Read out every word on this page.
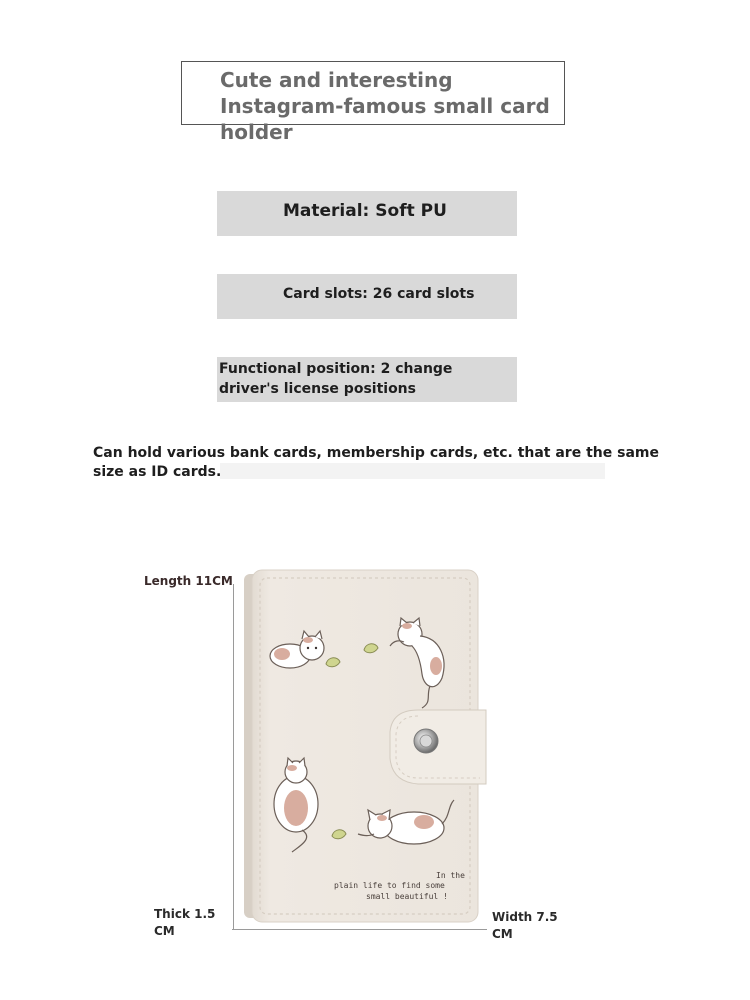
Cute and interesting Instagram-famous small card holder
Material: Soft PU
Card slots: 26 card slots
Functional position: 2 change driver's license positions
Can hold various bank cards, membership cards, etc. that are the same size as ID cards.
Length 11CM
Thick 1.5 CM
Width 7.5 CM
In the
plain life to find some
small beautiful !
